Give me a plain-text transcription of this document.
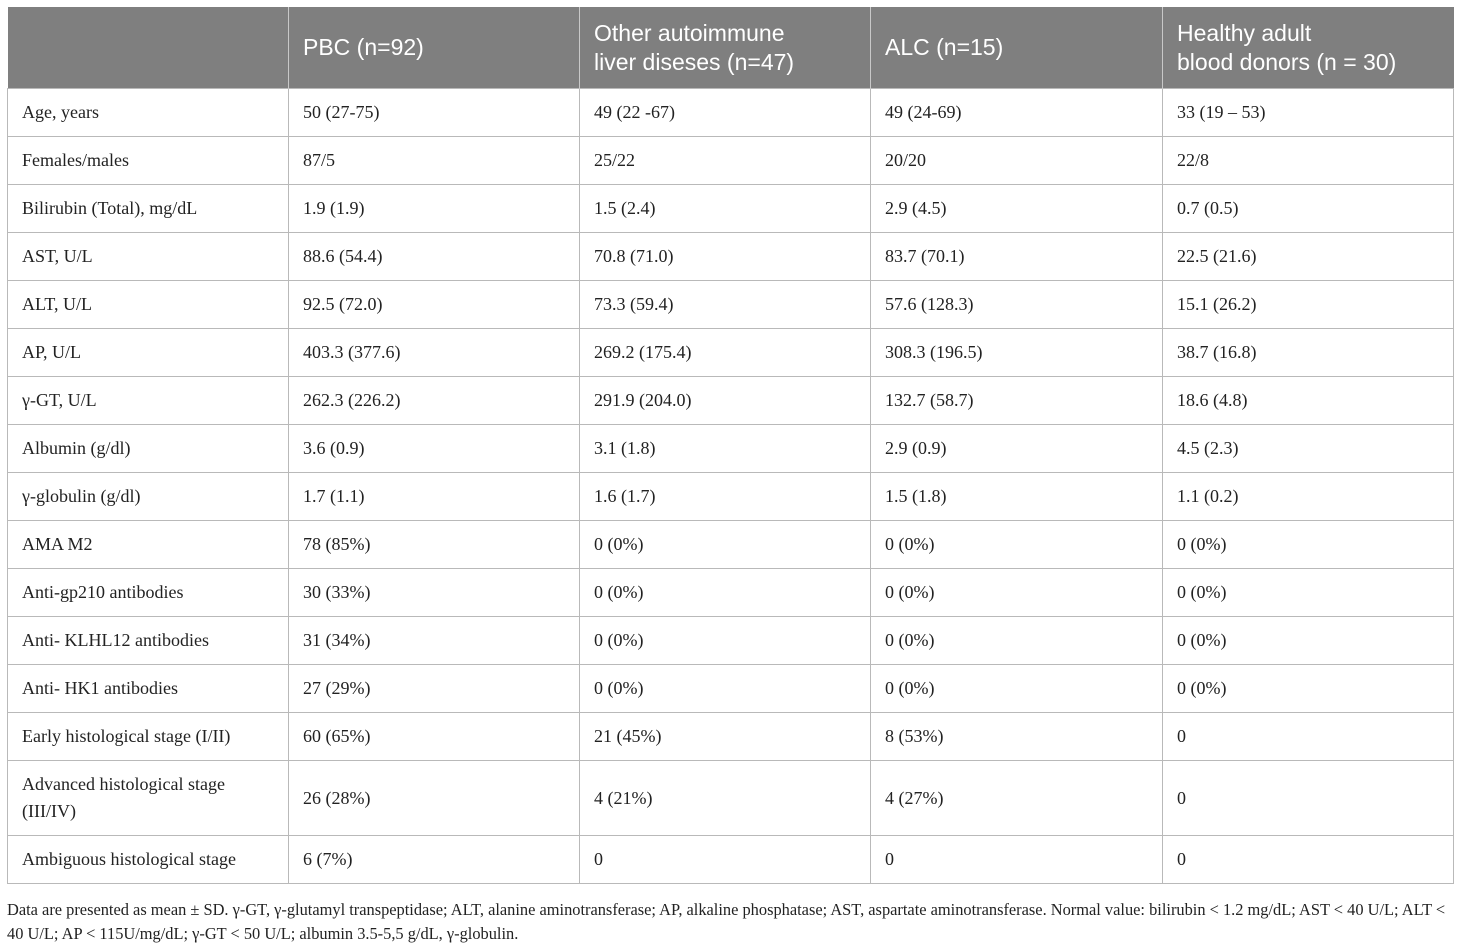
	PBC (n=92)	Other autoimmune
liver diseses (n=47)	ALC (n=15)	Healthy adult
blood donors (n = 30)
Age, years	50 (27-75)	49 (22 -67)	49 (24-69)	33 (19 – 53)
Females/males	87/5	25/22	20/20	22/8
Bilirubin (Total), mg/dL	1.9 (1.9)	1.5 (2.4)	2.9 (4.5)	0.7 (0.5)
AST, U/L	88.6 (54.4)	70.8 (71.0)	83.7 (70.1)	22.5 (21.6)
ALT, U/L	92.5 (72.0)	73.3 (59.4)	57.6 (128.3)	15.1 (26.2)
AP, U/L	403.3 (377.6)	269.2 (175.4)	308.3 (196.5)	38.7 (16.8)
γ-GT, U/L	262.3 (226.2)	291.9 (204.0)	132.7 (58.7)	18.6 (4.8)
Albumin (g/dl)	3.6 (0.9)	3.1 (1.8)	2.9 (0.9)	4.5 (2.3)
γ-globulin (g/dl)	1.7 (1.1)	1.6 (1.7)	1.5 (1.8)	1.1 (0.2)
AMA M2	78 (85%)	0 (0%)	0 (0%)	0 (0%)
Anti-gp210 antibodies	30 (33%)	0 (0%)	0 (0%)	0 (0%)
Anti- KLHL12 antibodies	31 (34%)	0 (0%)	0 (0%)	0 (0%)
Anti- HK1 antibodies	27 (29%)	0 (0%)	0 (0%)	0 (0%)
Early histological stage (I/II)	60 (65%)	21 (45%)	8 (53%)	0
Advanced histological stage
(III/IV)	26 (28%)	4 (21%)	4 (27%)	0
Ambiguous histological stage	6 (7%)	0	0	0
Data are presented as mean ± SD. γ-GT, γ-glutamyl transpeptidase; ALT, alanine aminotransferase; AP, alkaline phosphatase; AST, aspartate aminotransferase. Normal value: bilirubin < 1.2 mg/dL; AST < 40 U/L; ALT < 40 U/L; AP < 115U/mg/dL; γ-GT < 50 U/L; albumin 3.5-5,5 g/dL, γ-globulin.
